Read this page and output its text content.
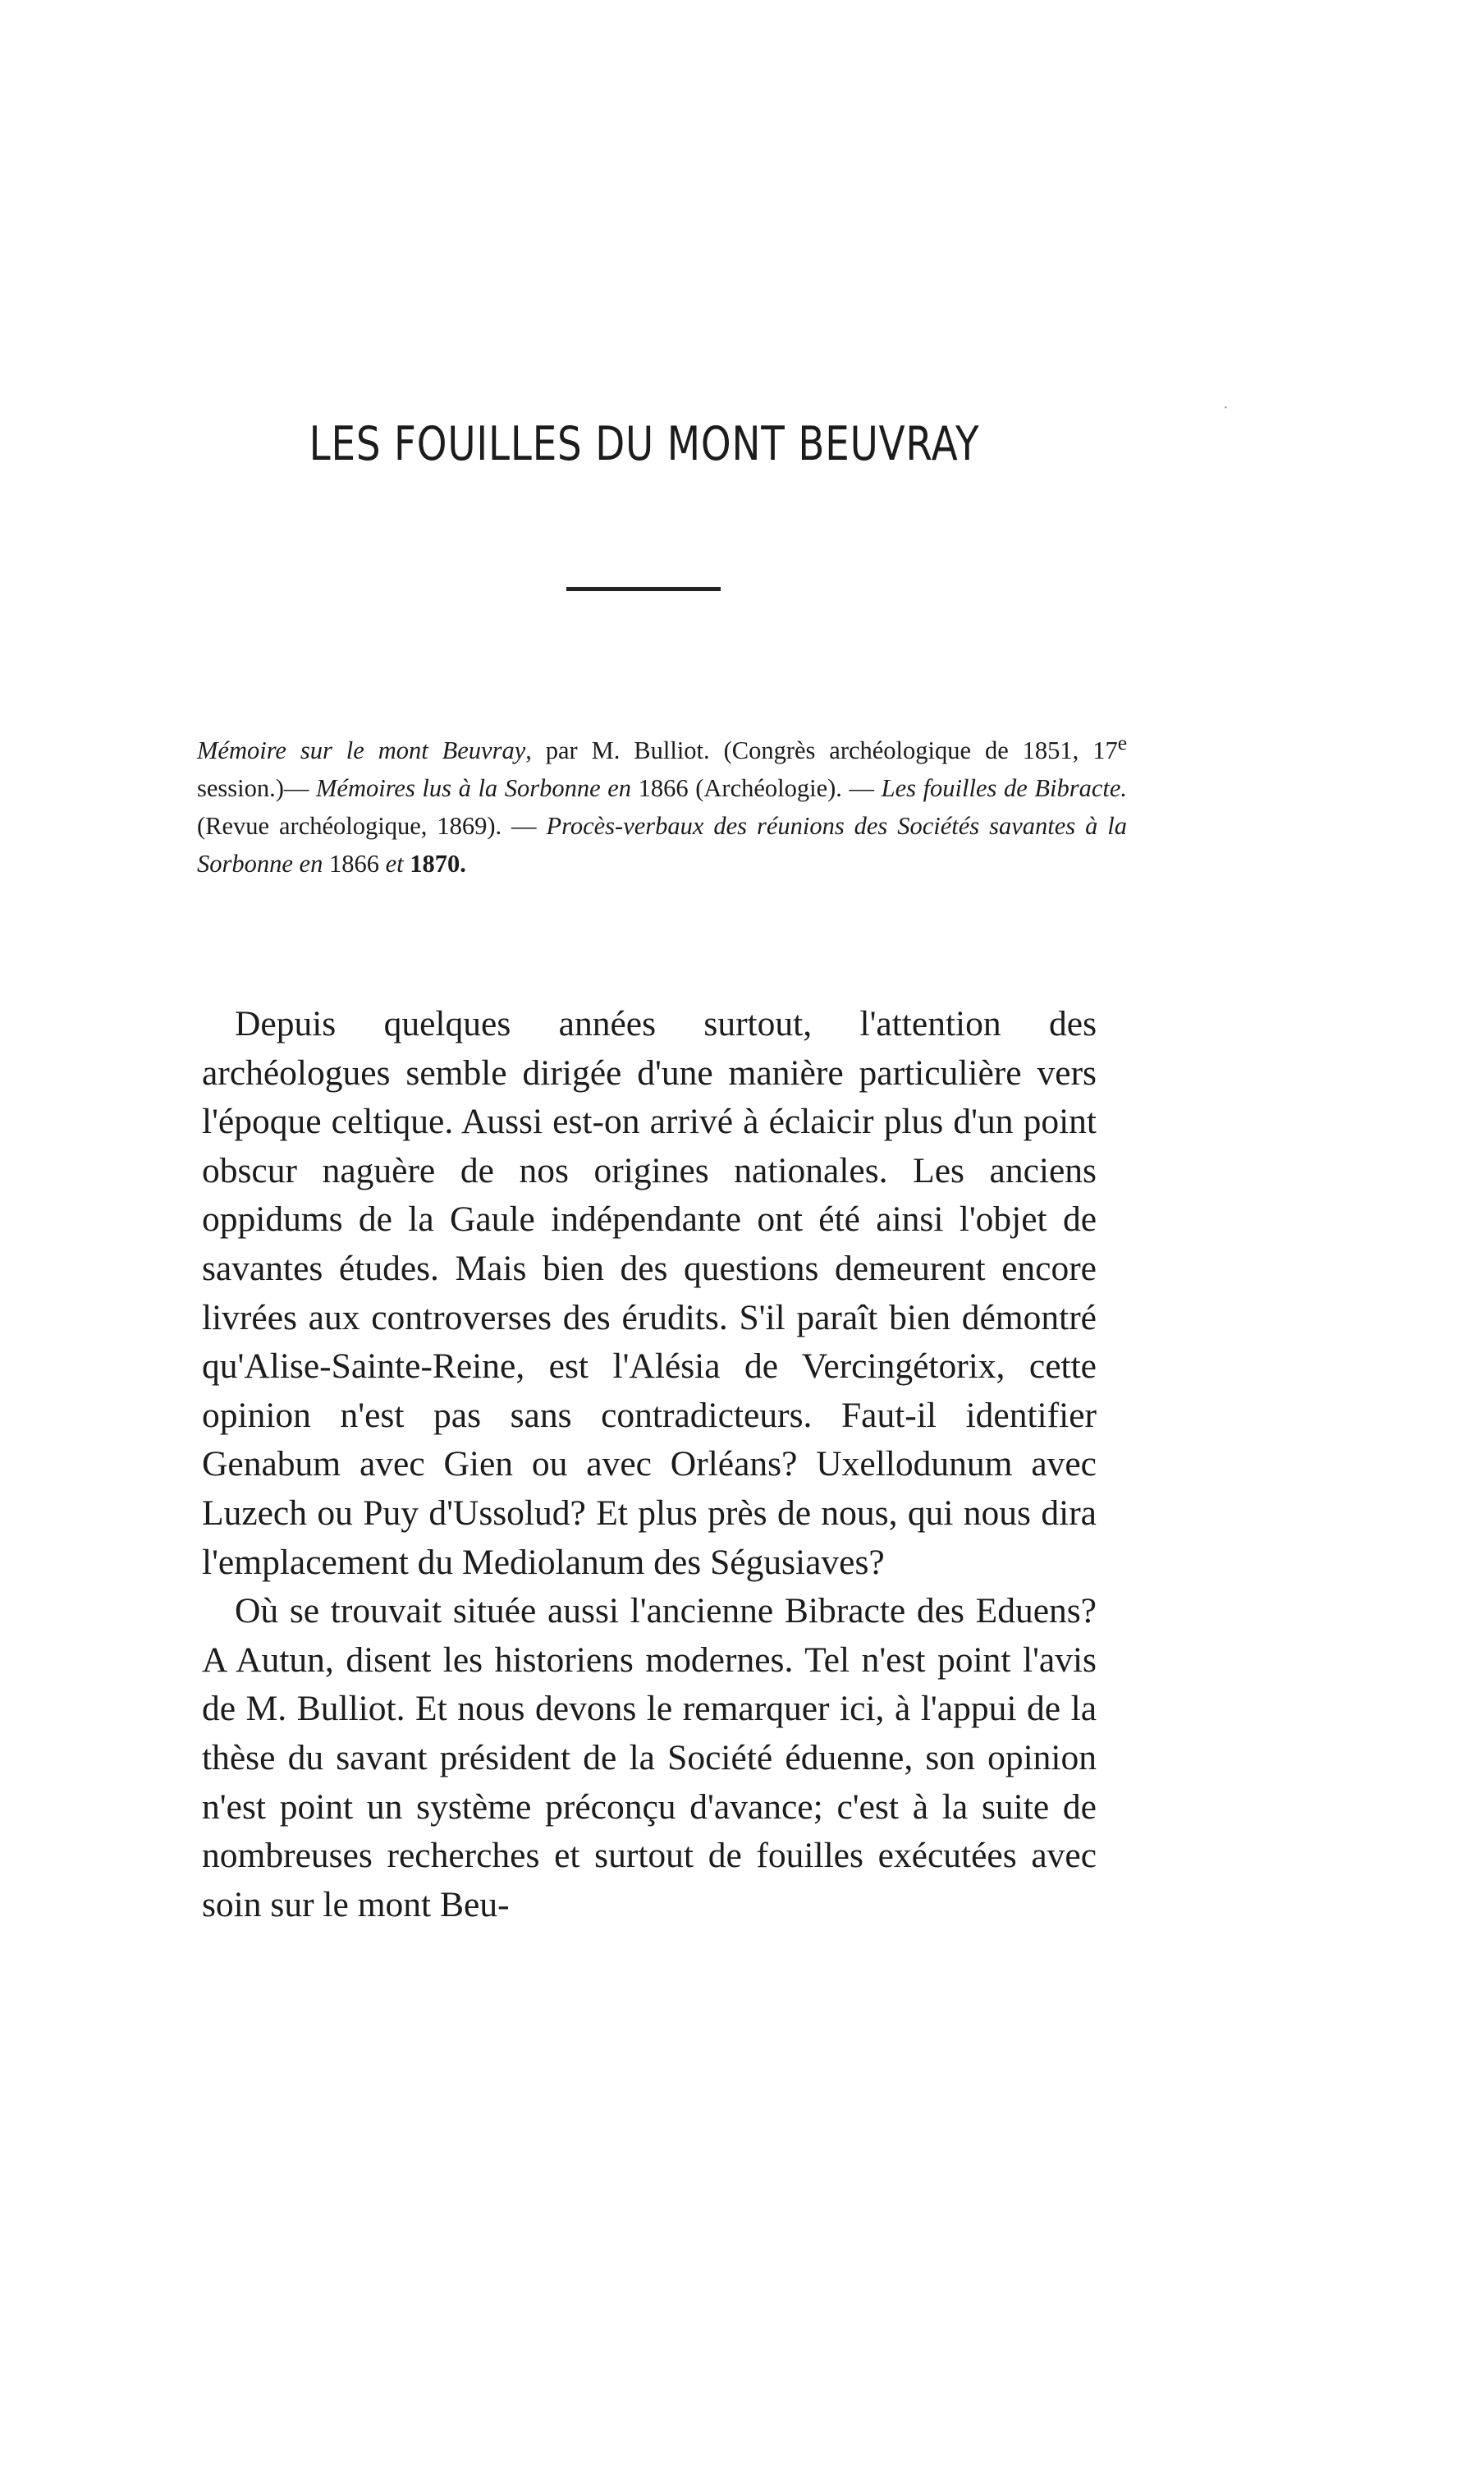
LES FOUILLES DU MONT BEUVRAY
Mémoire sur le mont Beuvray, par M. Bulliot. (Congrès archéologique de 1851, 17e session.)— Mémoires lus à la Sorbonne en 1866 (Archéologie). — Les fouilles de Bibracte. (Revue archéologique, 1869). — Procès-verbaux des réunions des Sociétés savantes à la Sorbonne en 1866 et 1870.

Depuis quelques années surtout, l'attention des archéologues semble dirigée d'une manière particulière vers l'époque celtique. Aussi est-on arrivé à éclaicir plus d'un point obscur naguère de nos origines nationales. Les anciens oppidums de la Gaule indépendante ont été ainsi l'objet de savantes études. Mais bien des questions demeurent encore livrées aux controverses des érudits. S'il paraît bien démontré qu'Alise-Sainte-Reine, est l'Alésia de Vercingétorix, cette opinion n'est pas sans contradicteurs. Faut-il identifier Genabum avec Gien ou avec Orléans? Uxellodunum avec Luzech ou Puy d'Ussolud? Et plus près de nous, qui nous dira l'emplacement du Mediolanum des Ségusiaves?

Où se trouvait située aussi l'ancienne Bibracte des Eduens? A Autun, disent les historiens modernes. Tel n'est point l'avis de M. Bulliot. Et nous devons le remarquer ici, à l'appui de la thèse du savant président de la Société éduenne, son opinion n'est point un système préconçu d'avance; c'est à la suite de nombreuses recherches et surtout de fouilles exécutées avec soin sur le mont Beu-

·
